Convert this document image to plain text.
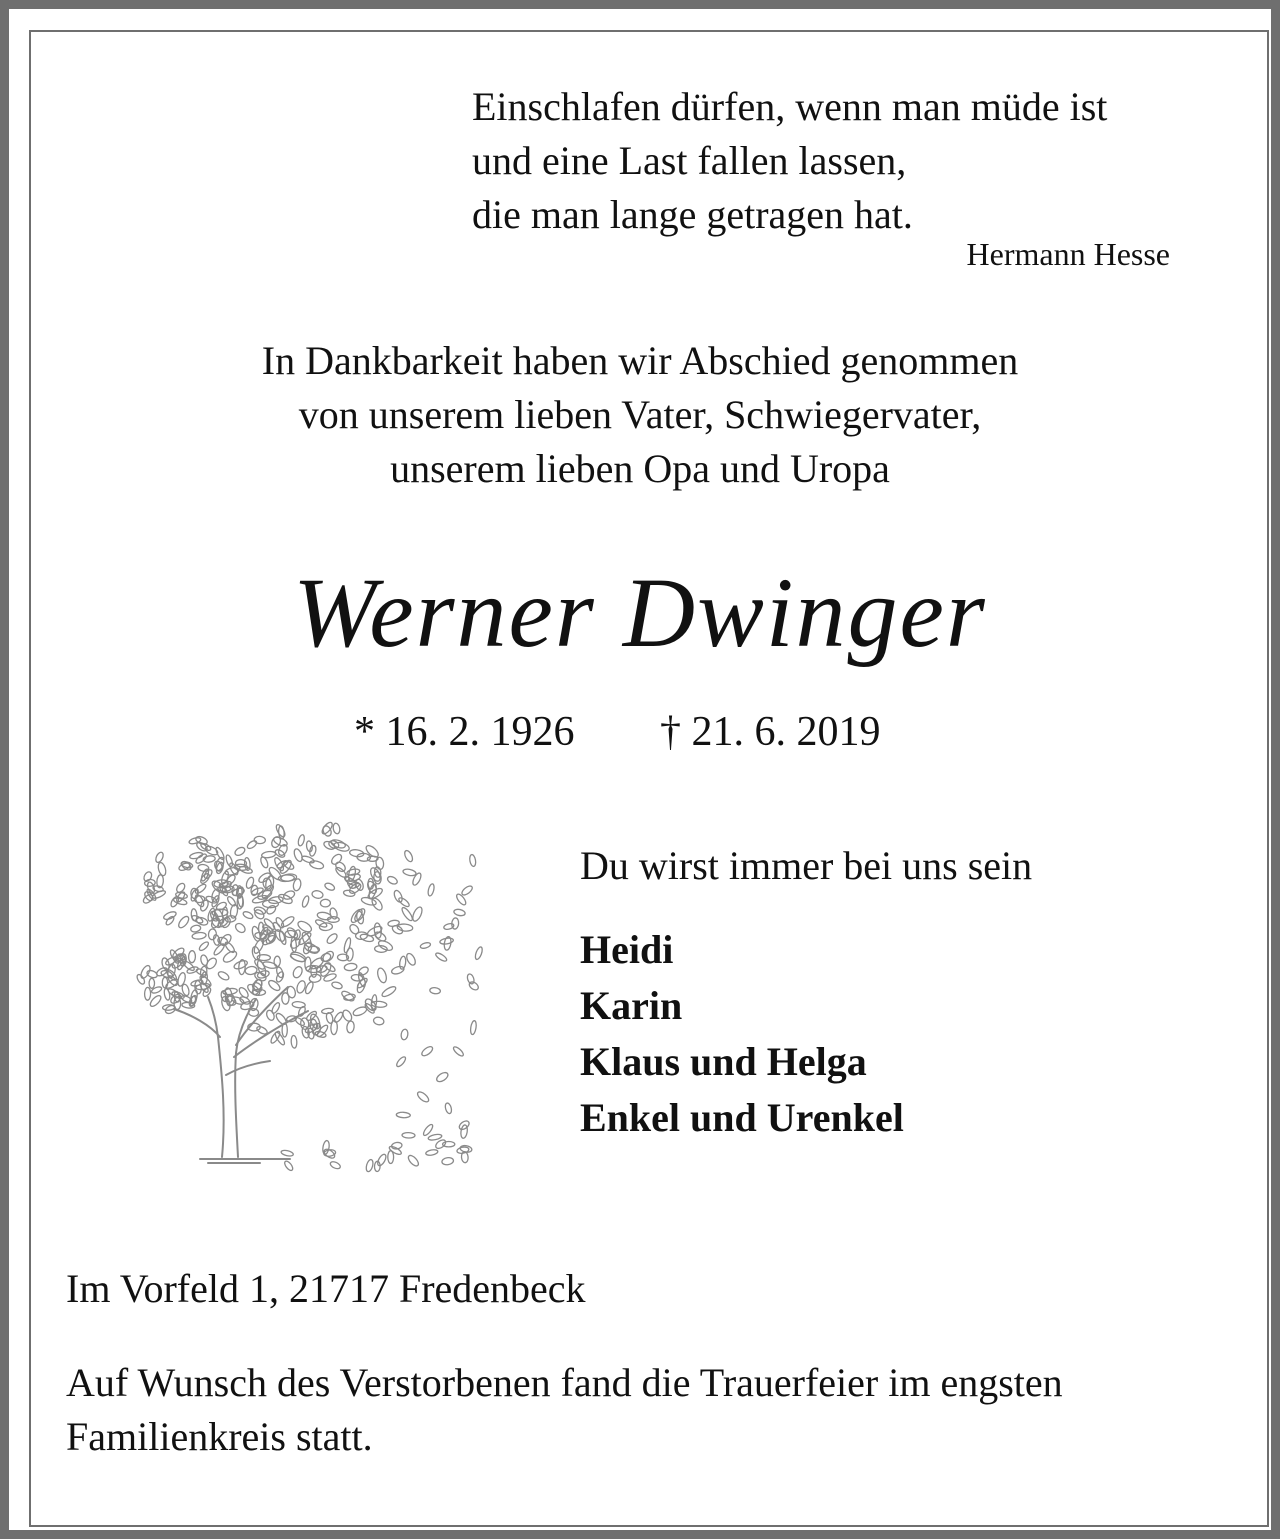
Einschlafen dürfen, wenn man müde ist
und eine Last fallen lassen,
die man lange getragen hat.
Hermann Hesse
In Dankbarkeit haben wir Abschied genommen
von unserem lieben Vater, Schwiegervater,
unserem lieben Opa und Uropa
Werner Dwinger
* 16. 2. 1926 † 21. 6. 2019
Du wirst immer bei uns sein
Heidi
Karin
Klaus und Helga
Enkel und Urenkel
Im Vorfeld 1, 21717 Fredenbeck
Auf Wunsch des Verstorbenen fand die Trauerfeier im engsten
Familienkreis statt.
